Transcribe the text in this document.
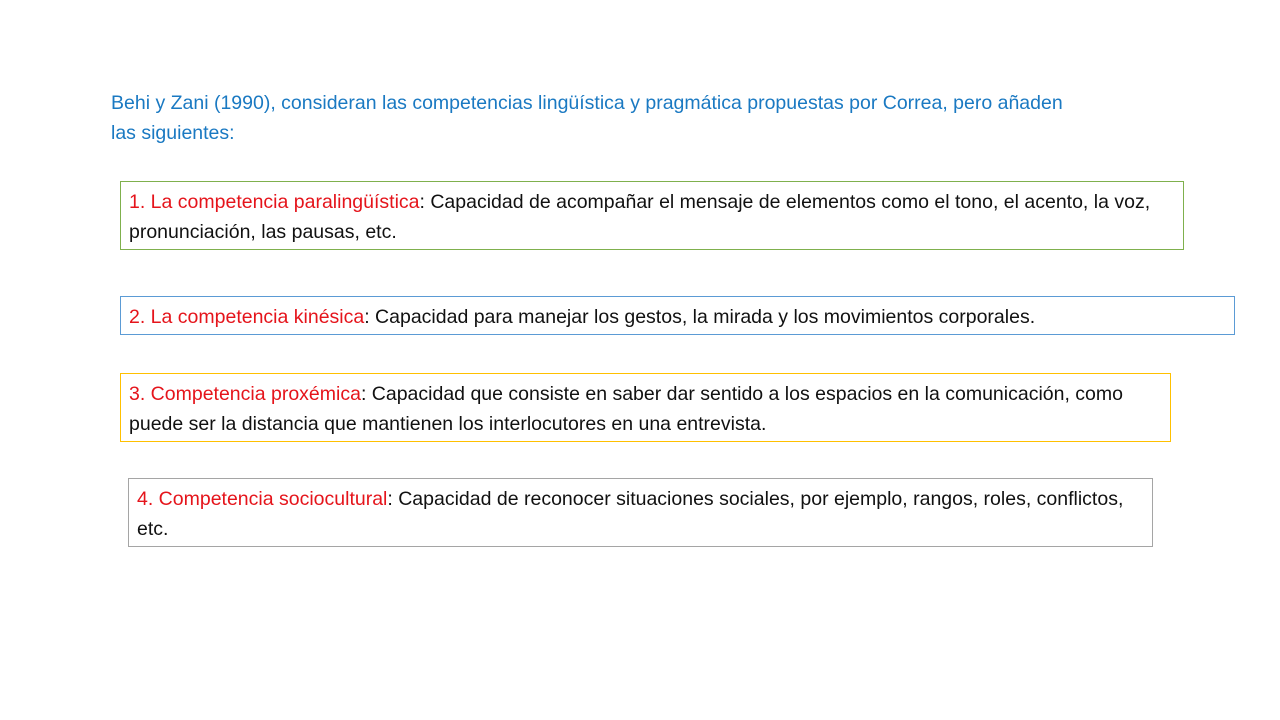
Behi y Zani (1990), consideran las competencias lingüística y pragmática propuestas por Correa, pero añaden las siguientes:

1. La competencia paralingüística: Capacidad de acompañar el mensaje de elementos como el tono, el acento, la voz, pronunciación, las pausas, etc.
2. La competencia kinésica: Capacidad para manejar los gestos, la mirada y los movimientos corporales.
3. Competencia proxémica: Capacidad que consiste en saber dar sentido a los espacios en la comunicación, como puede ser la distancia que mantienen los interlocutores en una entrevista.
4. Competencia sociocultural: Capacidad de reconocer situaciones sociales, por ejemplo, rangos, roles, conflictos, etc.
